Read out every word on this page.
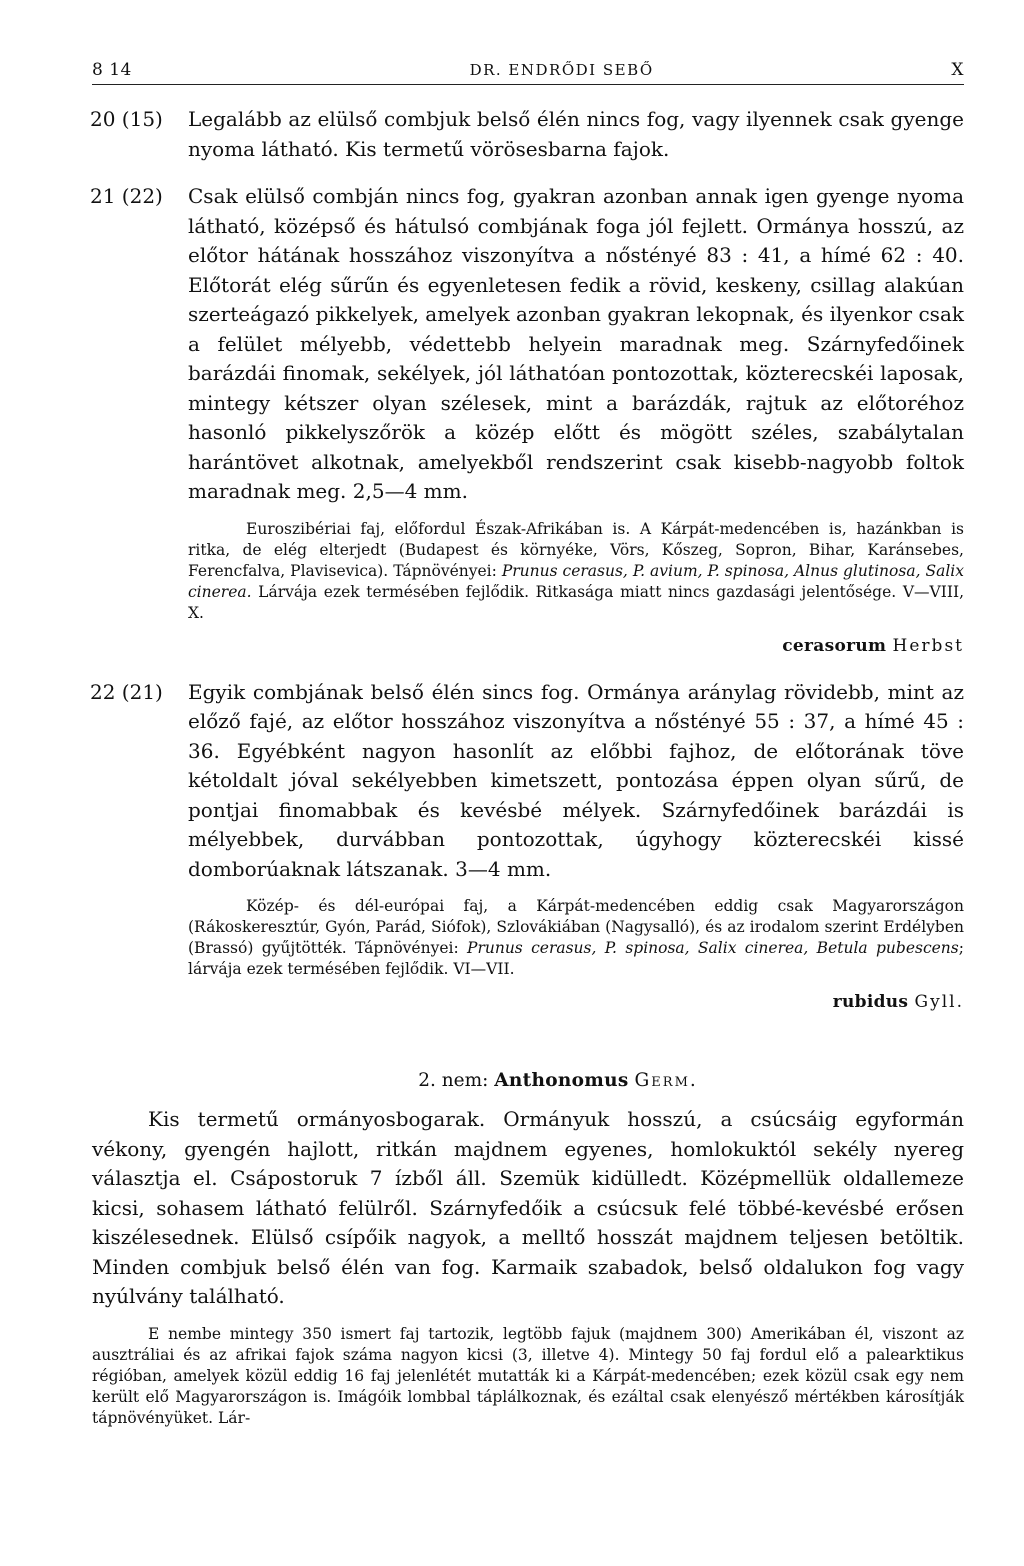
8 14	DR. ENDRŐDI SEBŐ	X
20 (15) Legalább az elülső combjuk belső élén nincs fog, vagy ilyennek csak gyenge nyoma látható. Kis termetű vörösesbarna fajok.
21 (22) Csak elülső combján nincs fog, gyakran azonban annak igen gyenge nyoma látható, középső és hátulsó combjának foga jól fejlett. Ormánya hosszú, az előtor hátának hosszához viszonyítva a nőstényé 83 : 41, a hímé 62 : 40. Előtorát elég sűrűn és egyenletesen fedik a rövid, keskeny, csillag alakúan szerteágazó pikkelyek, amelyek azonban gyakran lekopnak, és ilyenkor csak a felület mélyebb, védettebb helyein maradnak meg. Szárnyfedőinek barázdái finomak, sekélyek, jól láthatóan pontozottak, közterecskéi laposak, mintegy kétszer olyan szélesek, mint a barázdák, rajtuk az előtoréhoz hasonló pikkelyszőrök a közép előtt és mögött széles, szabálytalan harántövet alkotnak, amelyekből rendszerint csak kisebb-nagyobb foltok maradnak meg. 2,5—4 mm.

Euroszibériai faj, előfordul Észak-Afrikában is. A Kárpát-medencében is, hazánkban is ritka, de elég elterjedt (Budapest és környéke, Vörs, Kőszeg, Sopron, Bihar, Karánsebes, Ferencfalva, Plavisevica). Tápnövényei: Prunus cerasus, P. avium, P. spinosa, Alnus glutinosa, Salix cinerea. Lárvája ezek termésében fejlődik. Ritkasága miatt nincs gazdasági jelentősége. V—VIII, X.

cerasorum Herbst
22 (21) Egyik combjának belső élén sincs fog. Ormánya aránylag rövidebb, mint az előző fajé, az előtor hosszához viszonyítva a nőstényé 55 : 37, a hímé 45 : 36. Egyébként nagyon hasonlít az előbbi fajhoz, de előtorának töve kétoldalt jóval sekélyebben kimetszett, pontozása éppen olyan sűrű, de pontjai finomabbak és kevésbé mélyek. Szárnyfedőinek barázdái is mélyebbek, durvábban pontozottak, úgyhogy közterecskéi kissé domborúaknak látszanak. 3—4 mm.

Közép- és dél-európai faj, a Kárpát-medencében eddig csak Magyarországon (Rákoskeresztúr, Gyón, Parád, Siófok), Szlovákiában (Nagysalló), és az irodalom szerint Erdélyben (Brassó) gyűjtötték. Tápnövényei: Prunus cerasus, P. spinosa, Salix cinerea, Betula pubescens; lárvája ezek termésében fejlődik. VI—VII.

rubidus Gyll.
2. nem: Anthonomus Germ.
Kis termetű ormányosbogarak. Ormányuk hosszú, a csúcsáig egyformán vékony, gyengén hajlott, ritkán majdnem egyenes, homlokuktól sekély nyereg választja el. Csápostoruk 7 ízből áll. Szemük kidülledt. Középmellük oldallemeze kicsi, sohasem látható felülről. Szárnyfedőik a csúcsuk felé többé-kevésbé erősen kiszélesednek. Elülső csípőik nagyok, a melltő hosszát majdnem teljesen betöltik. Minden combjuk belső élén van fog. Karmaik szabadok, belső oldalukon fog vagy nyúlvány található.
E nembe mintegy 350 ismert faj tartozik, legtöbb fajuk (majdnem 300) Amerikában él, viszont az ausztráliai és az afrikai fajok száma nagyon kicsi (3, illetve 4). Mintegy 50 faj fordul elő a palearktikus régióban, amelyek közül eddig 16 faj jelenlétét mutatták ki a Kárpát-medencében; ezek közül csak egy nem került elő Magyarországon is. Imágóik lombbal táplálkoznak, és ezáltal csak elenyésző mértékben károsítják tápnövényüket. Lár-
